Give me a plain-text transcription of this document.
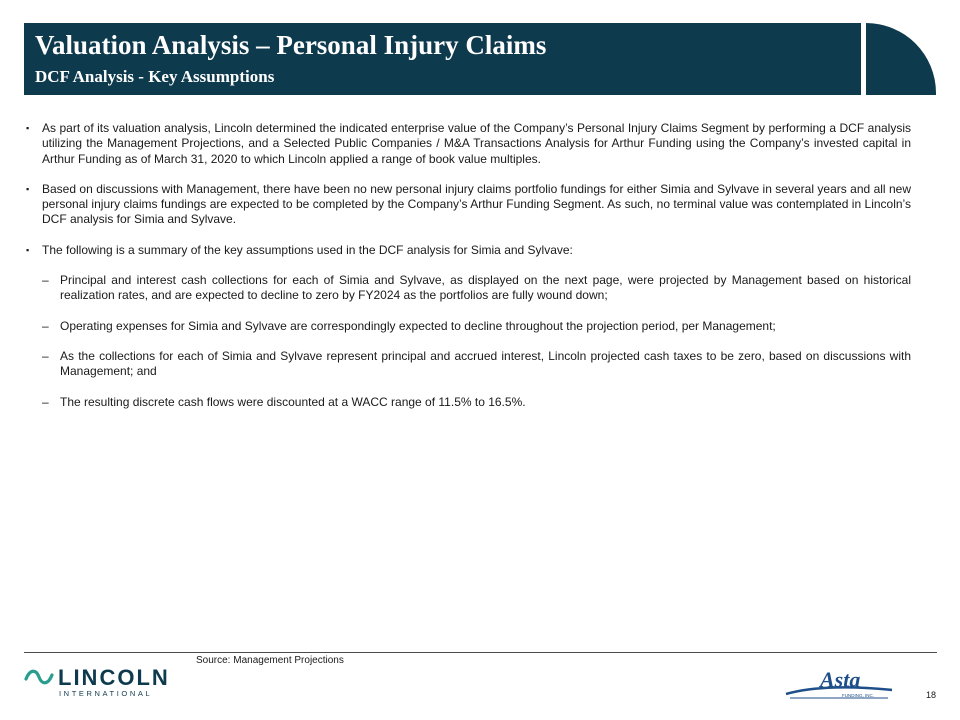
Valuation Analysis – Personal Injury Claims
DCF Analysis - Key Assumptions
▪ As part of its valuation analysis, Lincoln determined the indicated enterprise value of the Company’s Personal Injury Claims Segment by performing a DCF analysis utilizing the Management Projections, and a Selected Public Companies / M&A Transactions Analysis for Arthur Funding using the Company’s invested capital in Arthur Funding as of March 31, 2020 to which Lincoln applied a range of book value multiples.
▪ Based on discussions with Management, there have been no new personal injury claims portfolio fundings for either Simia and Sylvave in several years and all new personal injury claims fundings are expected to be completed by the Company’s Arthur Funding Segment. As such, no terminal value was contemplated in Lincoln’s DCF analysis for Simia and Sylvave.
▪ The following is a summary of the key assumptions used in the DCF analysis for Simia and Sylvave:
– Principal and interest cash collections for each of Simia and Sylvave, as displayed on the next page, were projected by Management based on historical realization rates, and are expected to decline to zero by FY2024 as the portfolios are fully wound down;
– Operating expenses for Simia and Sylvave are correspondingly expected to decline throughout the projection period, per Management;
– As the collections for each of Simia and Sylvave represent principal and accrued interest, Lincoln projected cash taxes to be zero, based on discussions with Management; and
– The resulting discrete cash flows were discounted at a WACC range of 11.5% to 16.5%.
Source: Management Projections
LINCOLN
INTERNATIONAL
Asta
FUNDING, INC.	18
